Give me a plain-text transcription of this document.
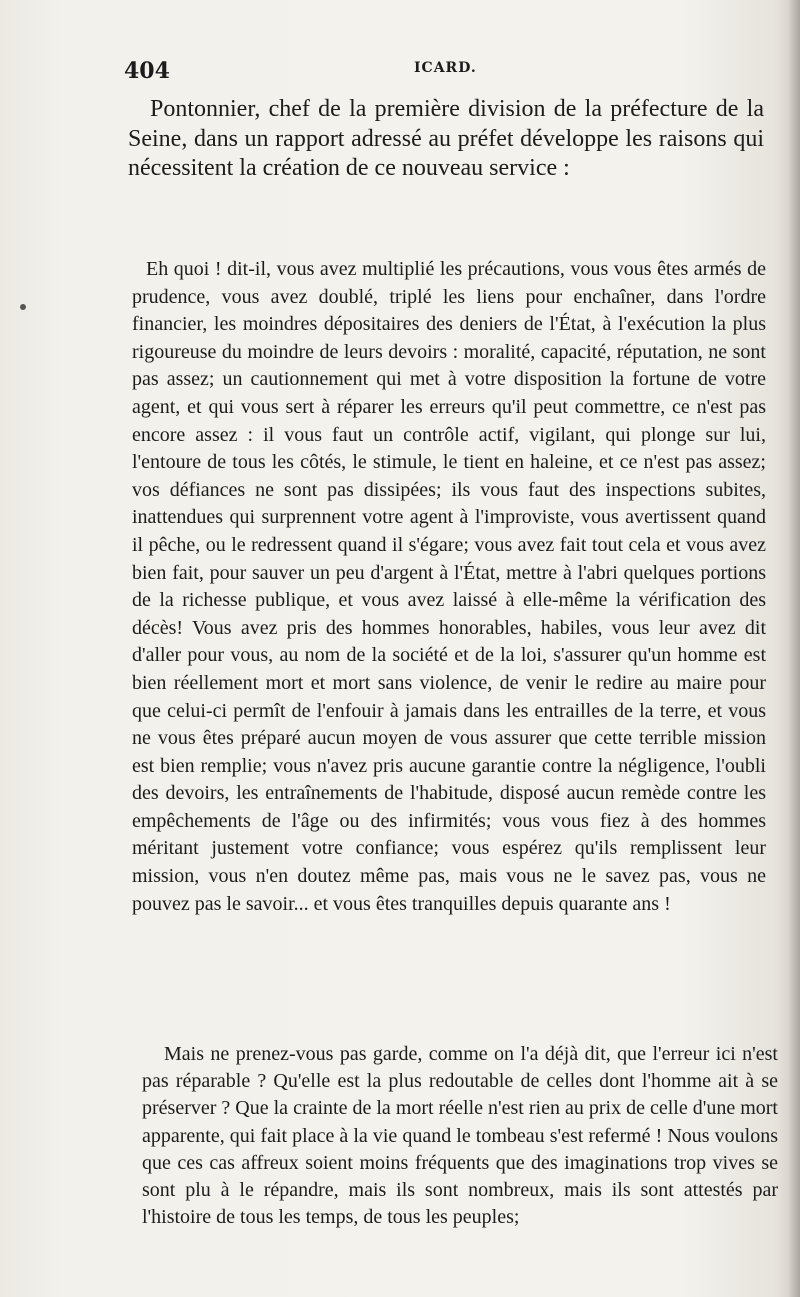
404	ICARD.

Pontonnier, chef de la première division de la préfecture de la Seine, dans un rapport adressé au préfet développe les raisons qui nécessitent la création de ce nouveau service :

Eh quoi ! dit-il, vous avez multiplié les précautions, vous vous êtes armés de prudence, vous avez doublé, triplé les liens pour enchaîner, dans l'ordre financier, les moindres dépositaires des deniers de l'État, à l'exécution la plus rigoureuse du moindre de leurs devoirs : moralité, capacité, réputation, ne sont pas assez; un cautionnement qui met à votre disposition la fortune de votre agent, et qui vous sert à réparer les erreurs qu'il peut commettre, ce n'est pas encore assez : il vous faut un contrôle actif, vigilant, qui plonge sur lui, l'entoure de tous les côtés, le stimule, le tient en haleine, et ce n'est pas assez; vos défiances ne sont pas dissipées; ils vous faut des inspections subites, inattendues qui surprennent votre agent à l'improviste, vous avertissent quand il pêche, ou le redressent quand il s'égare; vous avez fait tout cela et vous avez bien fait, pour sauver un peu d'argent à l'État, mettre à l'abri quelques portions de la richesse publique, et vous avez laissé à elle-même la vérification des décès! Vous avez pris des hommes honorables, habiles, vous leur avez dit d'aller pour vous, au nom de la société et de la loi, s'assurer qu'un homme est bien réellement mort et mort sans violence, de venir le redire au maire pour que celui-ci permît de l'enfouir à jamais dans les entrailles de la terre, et vous ne vous êtes préparé aucun moyen de vous assurer que cette terrible mission est bien remplie; vous n'avez pris aucune garantie contre la négligence, l'oubli des devoirs, les entraînements de l'habitude, disposé aucun remède contre les empêchements de l'âge ou des infirmités; vous vous fiez à des hommes méritant justement votre confiance; vous espérez qu'ils remplissent leur mission, vous n'en doutez même pas, mais vous ne le savez pas, vous ne pouvez pas le savoir... et vous êtes tranquilles depuis quarante ans !

Mais ne prenez-vous pas garde, comme on l'a déjà dit, que l'erreur ici n'est pas réparable ? Qu'elle est la plus redoutable de celles dont l'homme ait à se préserver ? Que la crainte de la mort réelle n'est rien au prix de celle d'une mort apparente, qui fait place à la vie quand le tombeau s'est refermé ! Nous voulons que ces cas affreux soient moins fréquents que des imaginations trop vives se sont plu à le répandre, mais ils sont nombreux, mais ils sont attestés par l'histoire de tous les temps, de tous les peuples;
